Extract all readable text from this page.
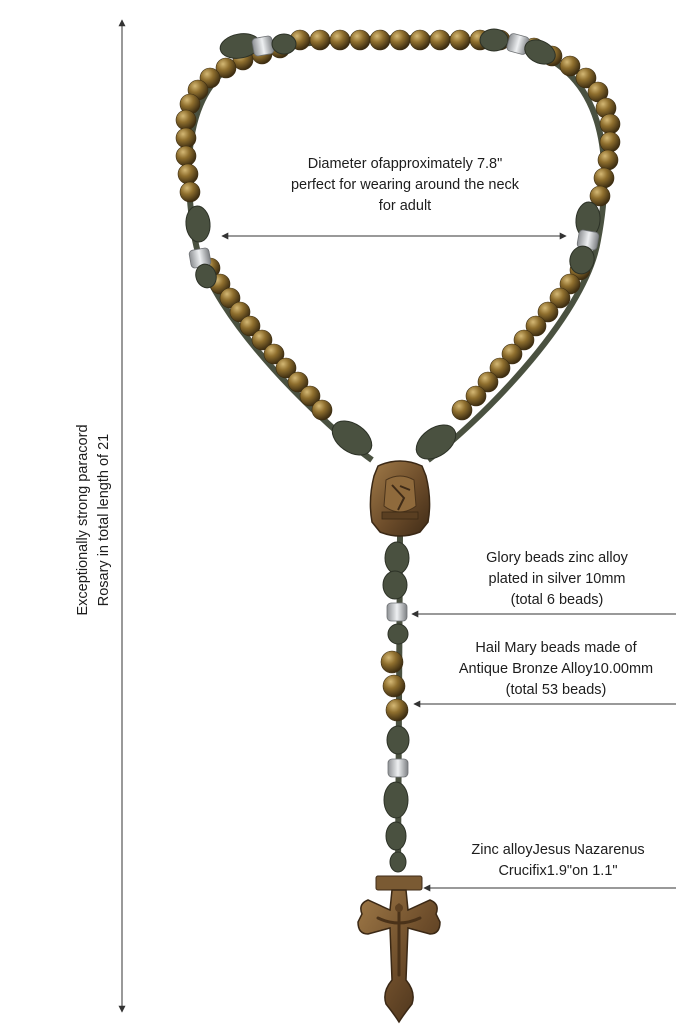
Diameter ofapproximately 7.8"
perfect for wearing around the neck
for adult
Exceptionally strong paracord Rosary in total length of 21	Glory beads zinc alloy
plated in silver 10mm
(total 6 beads)
Hail Mary beads made of
Antique Bronze Alloy10.00mm
(total 53 beads)
Zinc alloyJesus Nazarenus
Crucifix1.9"on 1.1"
